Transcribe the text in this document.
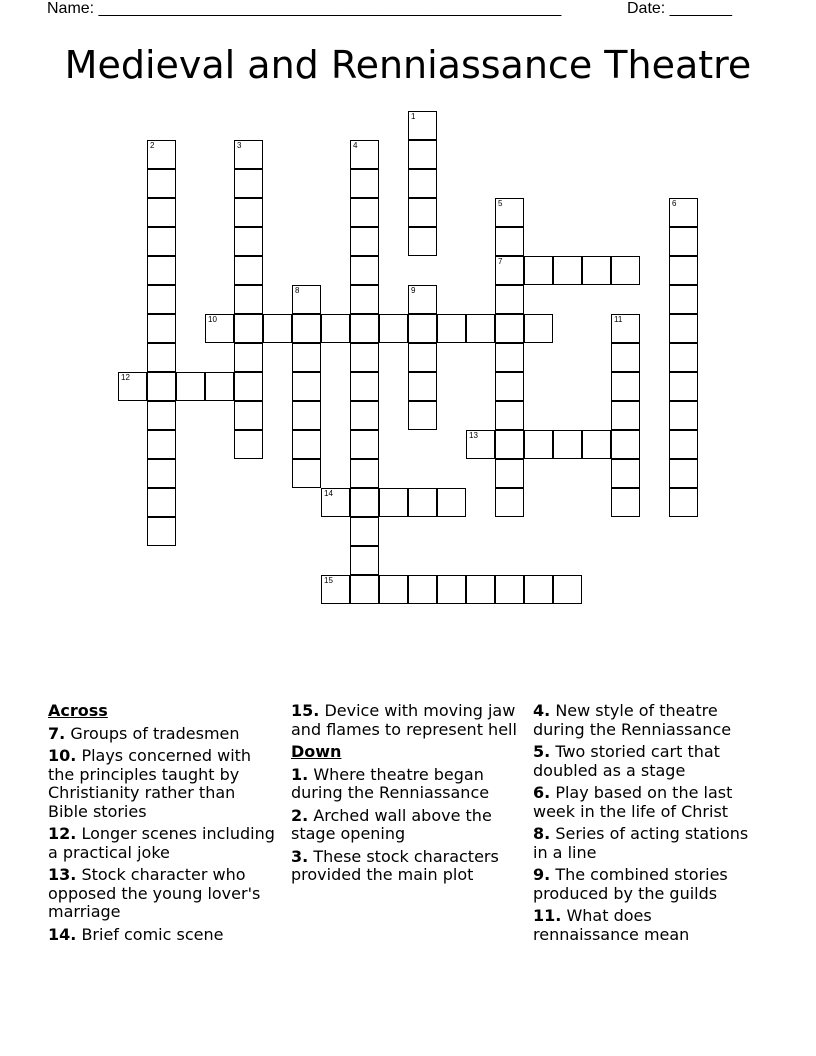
Name: ____________________________________________________	Date: _______
Medieval and Renniassance Theatre
1
2	3	4
5
7
6
8	9
11
10
12
13
14
15
Across
7. Groups of tradesmen
10. Plays concerned with the principles taught by Christianity rather than Bible stories
12. Longer scenes including a practical joke
13. Stock character who opposed the young lover's marriage
14. Brief comic scene
15. Device with moving jaw and flames to represent hell
Down
1. Where theatre began during the Renniassance
2. Arched wall above the stage opening
3. These stock characters provided the main plot
4. New style of theatre during the Renniassance
5. Two storied cart that doubled as a stage
6. Play based on the last week in the life of Christ
8. Series of acting stations in a line
9. The combined stories produced by the guilds
11. What does rennaissance mean
